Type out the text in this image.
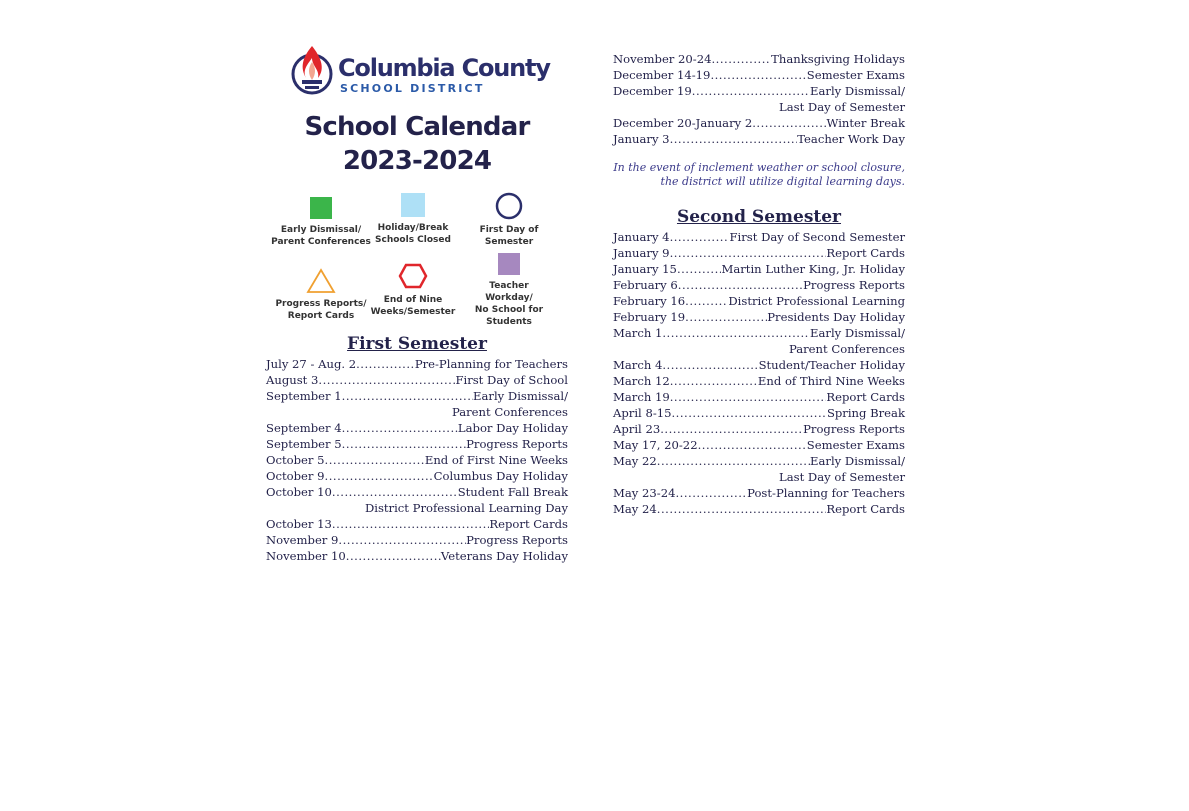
Columbia County
SCHOOL DISTRICT
School Calendar
2023-2024
Early Dismissal/
Parent Conferences
Holiday/Break
Schools Closed
First Day of
Semester
Teacher
Workday/
No School for
Students
Progress Reports/
Report Cards
End of Nine
Weeks/Semester
First Semester
July 27 - Aug. 2 .....	Pre-Planning for Teachers
August 3 .....	First Day of School
September 1 .....	Early Dismissal/
Parent Conferences
September 4 .....	Labor Day Holiday
September 5 .....	Progress Reports
October 5 .....	End of First Nine Weeks
October 9 .....	Columbus Day Holiday
October 10 .....	Student Fall Break
District Professional Learning Day
October 13 .....	Report Cards
November 9 .....	Progress Reports
November 10 .....	Veterans Day Holiday
November 20-24 .....	Thanksgiving Holidays
December 14-19 .....	Semester Exams
December 19 .....	Early Dismissal/
Last Day of Semester
December 20-January 2 .....	Winter Break
January 3 .....	Teacher Work Day
In the event of inclement weather or school closure,
the district will utilize digital learning days.
Second Semester
January 4 .....	First Day of Second Semester
January 9 .....	Report Cards
January 15 .....	Martin Luther King, Jr. Holiday
February 6 .....	Progress Reports
February 16 .....	District Professional Learning
February 19 .....	Presidents Day Holiday
March 1 .....	Early Dismissal/
Parent Conferences
March 4 .....	Student/Teacher Holiday
March 12 .....	End of Third Nine Weeks
March 19 .....	Report Cards
April 8-15 .....	Spring Break
April 23 .....	Progress Reports
May 17, 20-22 .....	Semester Exams
May 22 .....	Early Dismissal/
Last Day of Semester
May 23-24 .....	Post-Planning for Teachers
May 24 .....	Report Cards
